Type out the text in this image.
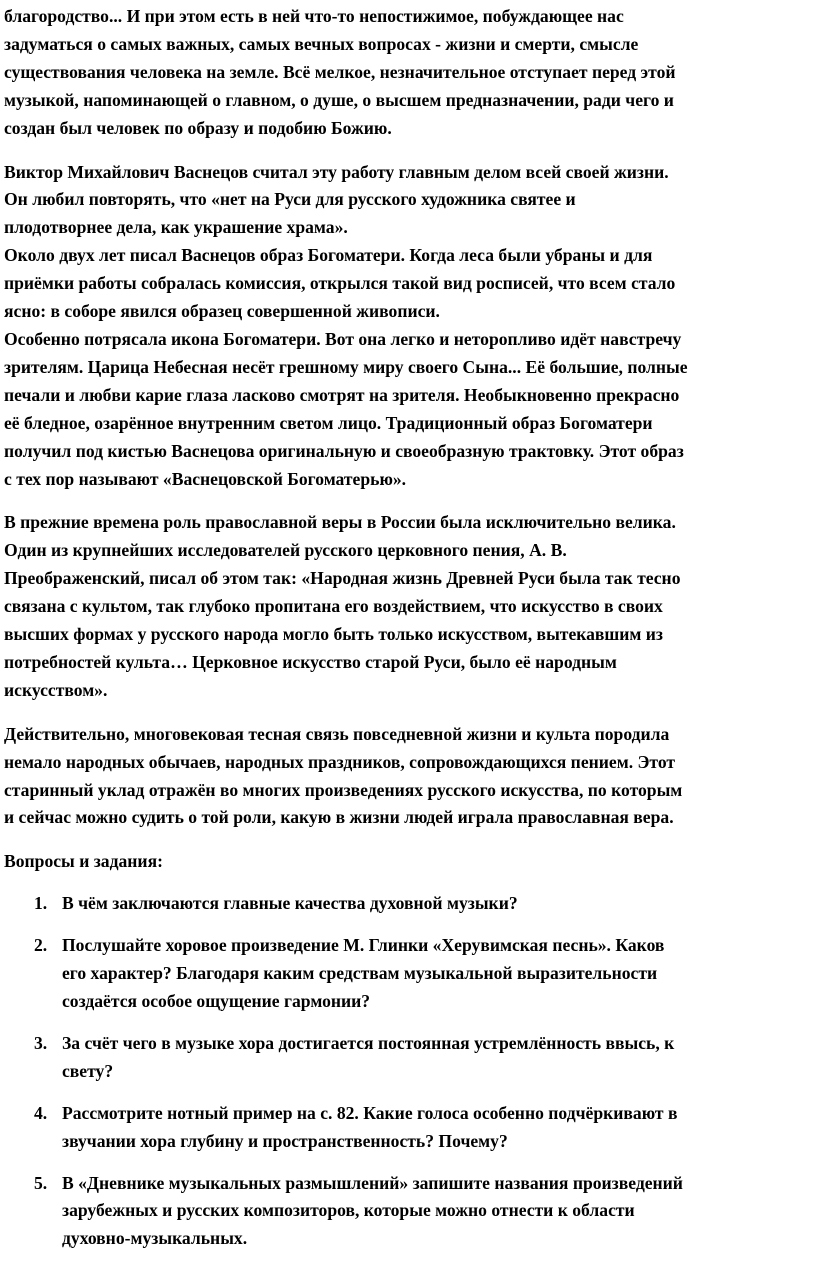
благородство... И при этом есть в ней что-то непостижимое, побуждающее нас
задуматься о самых важных, самых вечных вопросах - жизни и смерти, смысле
существования человека на земле. Всё мелкое, незначительное отступает перед этой
музыкой, напоминающей о главном, о душе, о высшем предназначении, ради чего и
создан был человек по образу и подобию Божию.

Виктор Михайлович Васнецов считал эту работу главным делом всей своей жизни.
Он любил повторять, что «нет на Руси для русского художника святее и
плодотворнее дела, как украшение храма».
Около двух лет писал Васнецов образ Богоматери. Когда леса были убраны и для
приёмки работы собралась комиссия, открылся такой вид росписей, что всем стало
ясно: в соборе явился образец совершенной живописи.
Особенно потрясала икона Богоматери. Вот она легко и неторопливо идёт навстречу
зрителям. Царица Небесная несёт грешному миру своего Сына... Её большие, полные
печали и любви карие глаза ласково смотрят на зрителя. Необыкновенно прекрасно
её бледное, озарённое внутренним светом лицо. Традиционный образ Богоматери
получил под кистью Васнецова оригинальную и своеобразную трактовку. Этот образ
с тех пор называют «Васнецовской Богоматерью».

В прежние времена роль православной веры в России была исключительно велика.
Один из крупнейших исследователей русского церковного пения, А. В.
Преображенский, писал об этом так: «Народная жизнь Древней Руси была так тесно
связана с культом, так глубоко пропитана его воздействием, что искусство в своих
высших формах у русского народа могло быть только искусством, вытекавшим из
потребностей культа… Церковное искусство старой Руси, было её народным
искусством».

Действительно, многовековая тесная связь повседневной жизни и культа породила
немало народных обычаев, народных праздников, сопровождающихся пением. Этот
старинный уклад отражён во многих произведениях русского искусства, по которым
и сейчас можно судить о той роли, какую в жизни людей играла православная вера.

Вопросы и задания:

1. В чём заключаются главные качества духовной музыки?
2. Послушайте хоровое произведение М. Глинки «Херувимская песнь». Каков
его характер? Благодаря каким средствам музыкальной выразительности
создаётся особое ощущение гармонии?
3. За счёт чего в музыке хора достигается постоянная устремлённость ввысь, к
свету?
4. Рассмотрите нотный пример на с. 82. Какие голоса особенно подчёркивают в
звучании хора глубину и пространственность? Почему?
5. В «Дневнике музыкальных размышлений» запишите названия произведений
зарубежных и русских композиторов, которые можно отнести к области
духовно-музыкальных.
